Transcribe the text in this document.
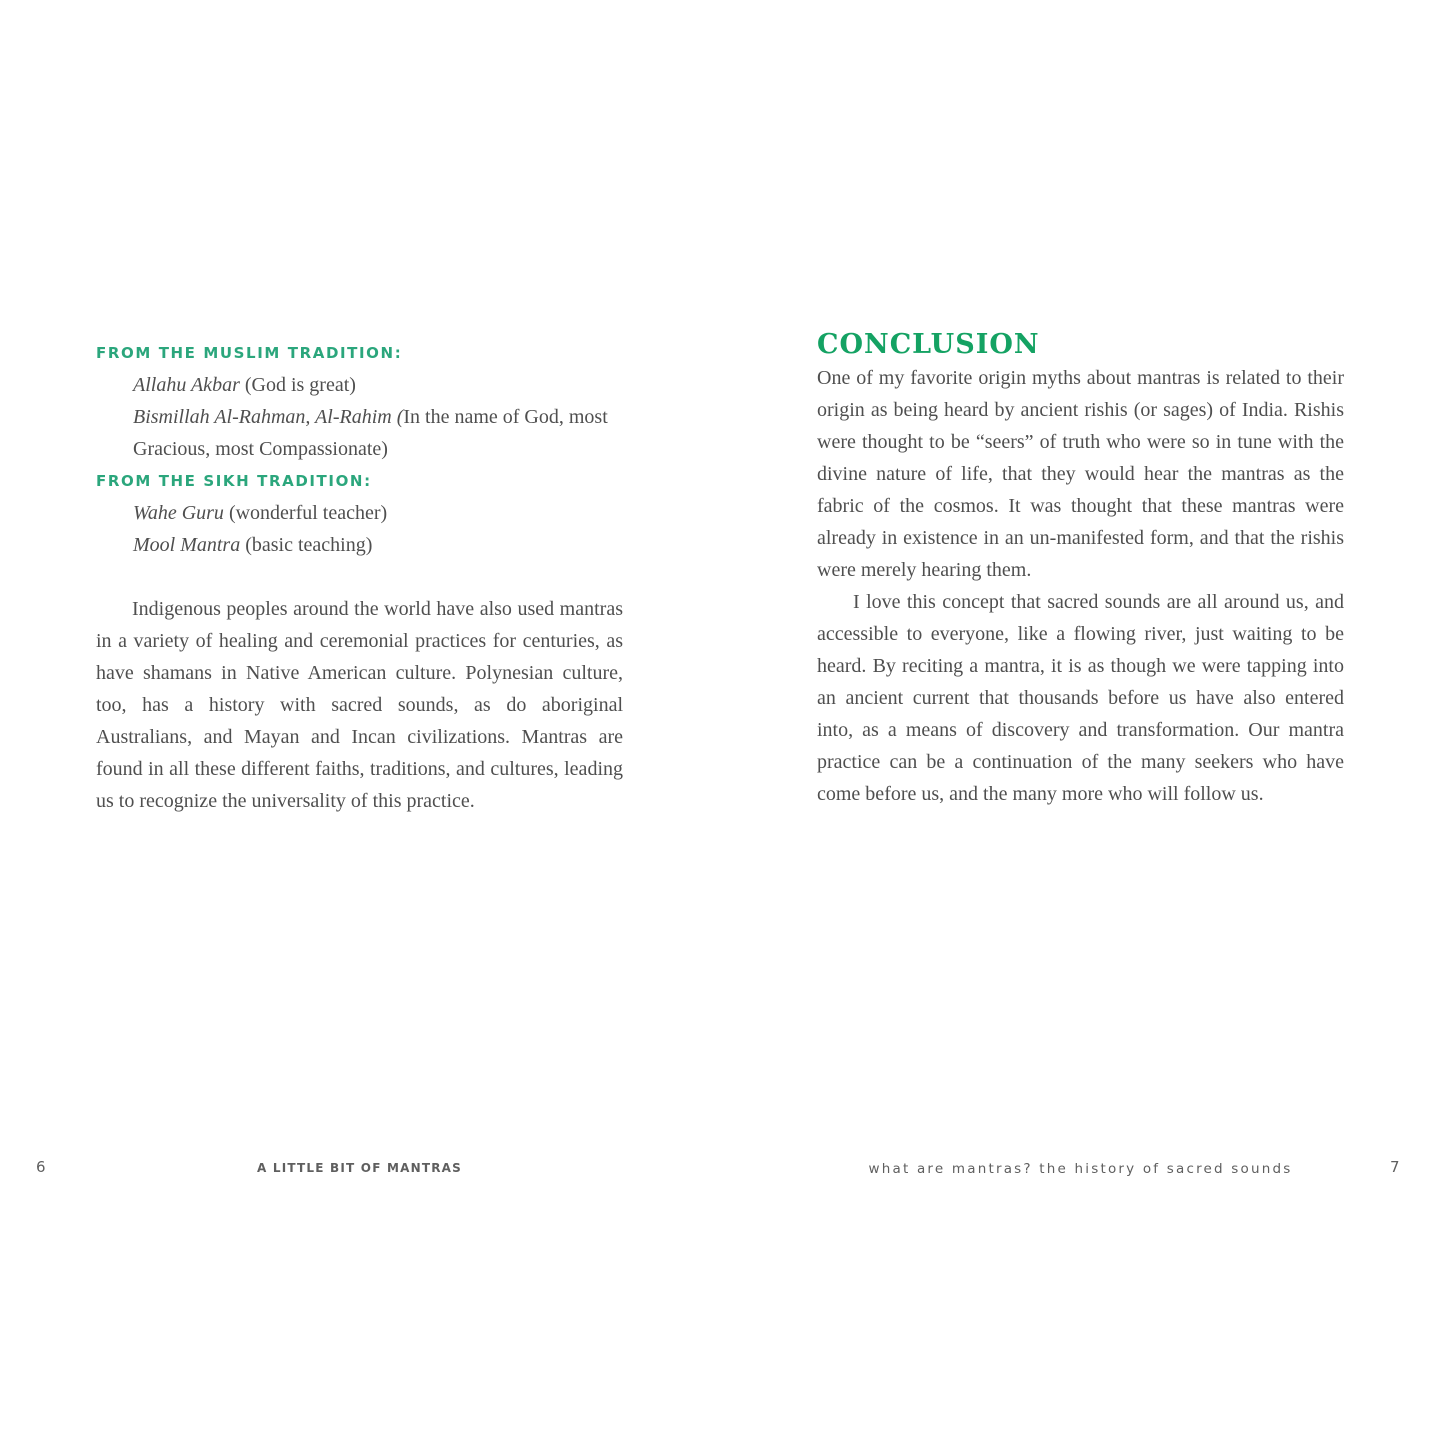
FROM THE MUSLIM TRADITION:

Allahu Akbar (God is great)

Bismillah Al-Rahman, Al-Rahim (In the name of God, most Gracious, most Compassionate)

FROM THE SIKH TRADITION:

Wahe Guru (wonderful teacher)

Mool Mantra (basic teaching)

Indigenous peoples around the world have also used mantras in a variety of healing and ceremonial practices for centuries, as have shamans in Native American culture. Polynesian culture, too, has a history with sacred sounds, as do aboriginal Australians, and Mayan and Incan civilizations. Mantras are found in all these different faiths, traditions, and cultures, leading us to recognize the universality of this practice.

CONCLUSION

One of my favorite origin myths about mantras is related to their origin as being heard by ancient rishis (or sages) of India. Rishis were thought to be “seers” of truth who were so in tune with the divine nature of life, that they would hear the mantras as the fabric of the cosmos. It was thought that these mantras were already in existence in an un-manifested form, and that the rishis were merely hearing them.

I love this concept that sacred sounds are all around us, and accessible to everyone, like a flowing river, just waiting to be heard. By reciting a mantra, it is as though we were tapping into an ancient current that thousands before us have also entered into, as a means of discovery and transformation. Our mantra practice can be a continuation of the many seekers who have come before us, and the many more who will follow us.

6	A LITTLE BIT OF MANTRAS	what are mantras? the history of sacred sounds	7
